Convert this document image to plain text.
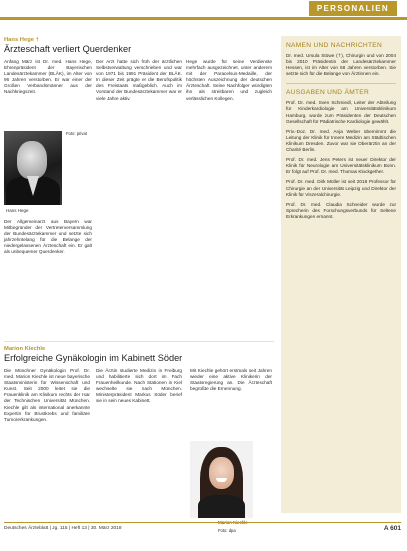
PERSONALIEN
Hans Hege †
Ärzteschaft verliert Querdenker

Anfang März ist Dr. med. Hans Hege, Ehrenpräsident der Bayerischen Landesärztekammer (BLÄK), im Alter von 96 Jahren verstorben. Er war einer der Großen Verbandsmänner aus der Nachkriegszeit.

Hans Hege

Foto: privat

Der Allgemeinarzt aus Bayern war Mitbegründer der Vertreterversammlung der Bundesärztekammer und setzte sich jahrzehntelang für die Belange der niedergelassenen Ärzteschaft ein. Er galt als unbequemer Querdenker.

Der Arzt hatte sich früh der ärztlichen Selbstverwaltung verschrieben und war von 1971 bis 1991 Präsident der BLÄK. In dieser Zeit prägte er die Berufspolitik des Freistaats maßgeblich. Auch im Vorstand der Bundesärztekammer war er viele Jahre aktiv.

Hege wurde für seine Verdienste mehrfach ausgezeichnet, unter anderem mit der Paracelsus-Medaille, der höchsten Auszeichnung der deutschen Ärzteschaft. Seine Nachfolger würdigten ihn als streitbaren und zugleich verlässlichen Kollegen.

Marion Kiechle
Erfolgreiche Gynäkologin im Kabinett Söder

Die Münchner Gynäkologin Prof. Dr. med. Marion Kiechle ist neue bayerische Staatsministerin für Wissenschaft und Kunst. Seit 2000 leitet sie die Frauenklinik am Klinikum rechts der Isar der Technischen Universität München. Kiechle gilt als international anerkannte Expertin für Brustkrebs und familiäre Tumorerkrankungen.

Die Ärztin studierte Medizin in Freiburg und habilitierte sich dort im Fach Frauenheilkunde. Nach Stationen in Kiel wechselte sie nach München. Ministerpräsident Markus Söder berief sie in sein neues Kabinett.

Mit Kiechle gehört erstmals seit Jahren wieder eine aktive Klinikerin der Staatsregierung an. Die Ärzteschaft begrüßte die Ernennung.

Marion Kiechle

Foto: dpa

NAMEN UND NACHRICHTEN

Dr. med. Ursula Stüwe (†), Chirurgin und von 2004 bis 2010 Präsidentin der Landesärztekammer Hessen, ist im Alter von 68 Jahren verstorben. Sie setzte sich für die Belange von Ärztinnen ein.

AUSGABEN UND ÄMTER

Prof. Dr. med. Sven Schmiedl, Leiter der Abteilung für Kinderkardiologie am Universitätsklinikum Hamburg, wurde zum Präsidenten der Deutschen Gesellschaft für Pädiatrische Kardiologie gewählt.

Priv.-Doz. Dr. med. Anja Weber übernimmt die Leitung der Klinik für Innere Medizin am Städtischen Klinikum Dresden. Zuvor war sie Oberärztin an der Charité Berlin.

Prof. Dr. med. Jens Peters ist neuer Direktor der Klinik für Neurologie am Universitätsklinikum Bonn. Er folgt auf Prof. Dr. med. Thomas Klockgether.

Prof. Dr. med. Dirk Müller ist seit 2018 Professor für Chirurgie an der Universität Leipzig und Direktor der Klinik für Viszeralchirurgie.

Prof. Dr. med. Claudia Schneider wurde zur Sprecherin des Forschungsverbunds für Seltene Erkrankungen ernannt.

Deutsches Ärzteblatt | Jg. 115 | Heft 13 | 30. März 2018	A 601
